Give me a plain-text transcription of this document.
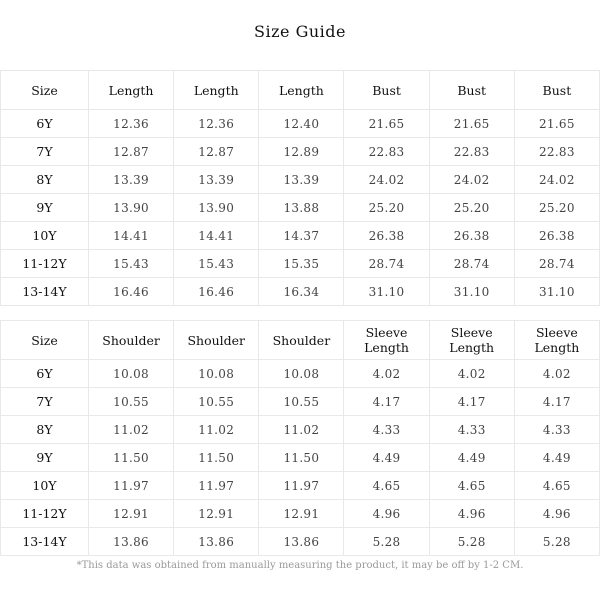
Size Guide
Size	Length	Length	Length	Bust	Bust	Bust
6Y	12.36	12.36	12.40	21.65	21.65	21.65
7Y	12.87	12.87	12.89	22.83	22.83	22.83
8Y	13.39	13.39	13.39	24.02	24.02	24.02
9Y	13.90	13.90	13.88	25.20	25.20	25.20
10Y	14.41	14.41	14.37	26.38	26.38	26.38
11-12Y	15.43	15.43	15.35	28.74	28.74	28.74
13-14Y	16.46	16.46	16.34	31.10	31.10	31.10
Size	Shoulder	Shoulder	Shoulder	Sleeve Length	Sleeve Length	Sleeve Length
6Y	10.08	10.08	10.08	4.02	4.02	4.02
7Y	10.55	10.55	10.55	4.17	4.17	4.17
8Y	11.02	11.02	11.02	4.33	4.33	4.33
9Y	11.50	11.50	11.50	4.49	4.49	4.49
10Y	11.97	11.97	11.97	4.65	4.65	4.65
11-12Y	12.91	12.91	12.91	4.96	4.96	4.96
13-14Y	13.86	13.86	13.86	5.28	5.28	5.28
*This data was obtained from manually measuring the product, it may be off by 1-2 CM.
